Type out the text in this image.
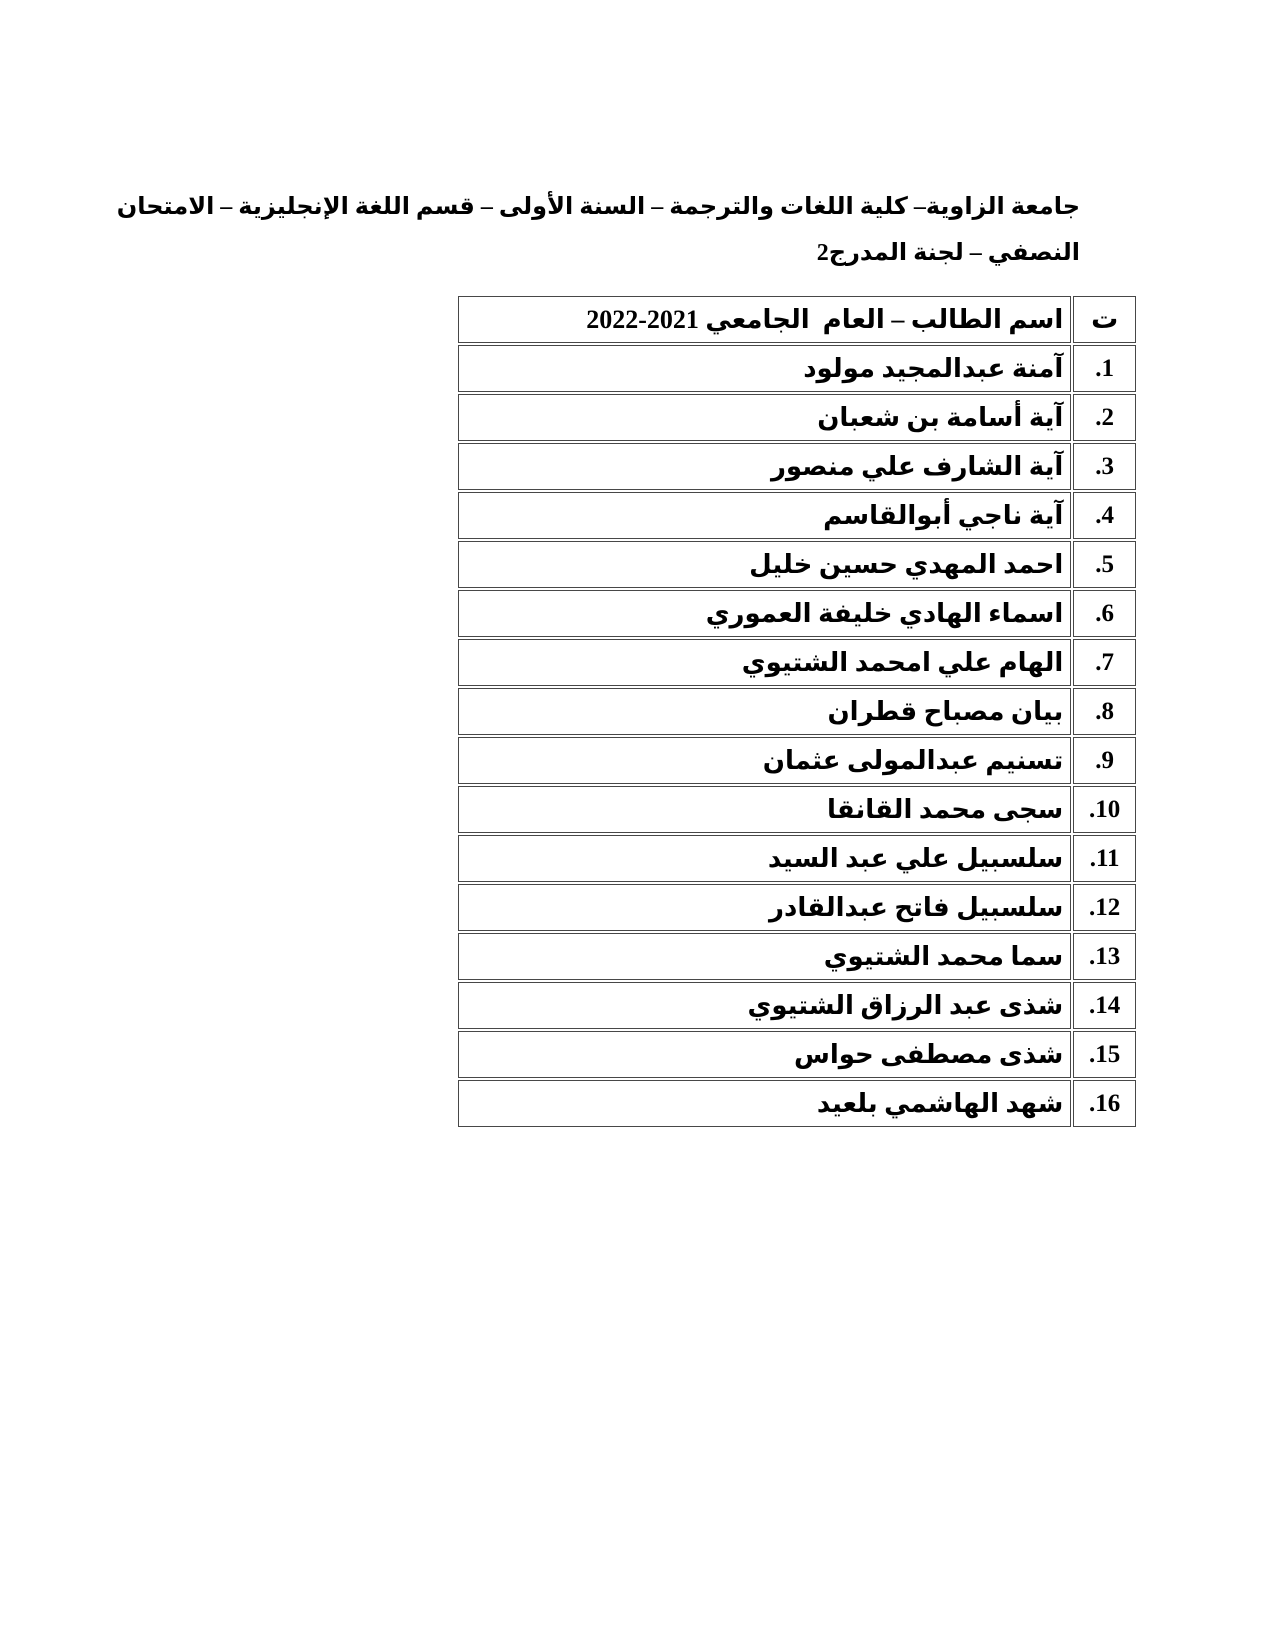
جامعة الزاوية– كلية اللغات والترجمة – السنة الأولى – قسم اللغة الإنجليزية – الامتحان
النصفي – لجنة المدرج2
ت	اسم الطالب – العام  الجامعي 2021-2022
1.	آمنة عبدالمجيد مولود
2.	آية أسامة بن شعبان
3.	آية الشارف علي منصور
4.	آية ناجي أبوالقاسم
5.	احمد المهدي حسين خليل
6.	اسماء الهادي خليفة العموري
7.	الهام علي امحمد الشتيوي
8.	بيان مصباح قطران
9.	تسنيم عبدالمولى عثمان
10.	سجى محمد القانقا
11.	سلسبيل علي عبد السيد
12.	سلسبيل فاتح عبدالقادر
13.	سما محمد الشتيوي
14.	شذى عبد الرزاق الشتيوي
15.	شذى مصطفى حواس
16.	شهد الهاشمي بلعيد
